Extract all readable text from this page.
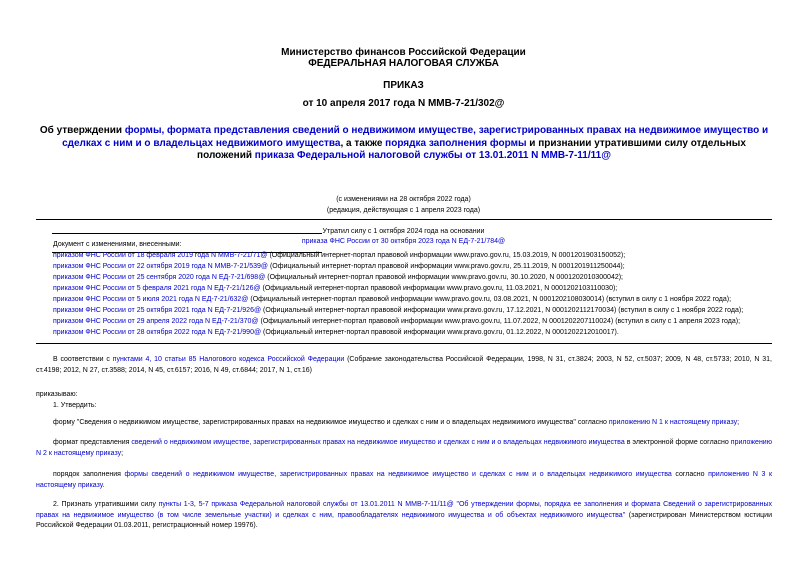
Министерство финансов Российской Федерации
ФЕДЕРАЛЬНАЯ НАЛОГОВАЯ СЛУЖБА
ПРИКАЗ
от 10 апреля 2017 года N ММВ-7-21/302@
Об утверждении формы, формата представления сведений о недвижимом имуществе, зарегистрированных правах на недвижимое имущество и сделках с ним и о владельцах недвижимого имущества, а также порядка заполнения формы и признании утратившими силу отдельных положений приказа Федеральной налоговой службы от 13.01.2011 N ММВ-7-11/11@
(с изменениями на 28 октября 2022 года)
(редакция, действующая с 1 апреля 2023 года)
Утратил силу с 1 октября 2024 года на основании
приказа ФНС России от 30 октября 2023 года N ЕД-7-21/784@
Документ с изменениями, внесенными:
приказом ФНС России от 18 февраля 2019 года N ММВ-7-21/71@ (Официальный интернет-портал правовой информации www.pravo.gov.ru, 15.03.2019, N 0001201903150052);
приказом ФНС России от 22 октября 2019 года N ММВ-7-21/539@ (Официальный интернет-портал правовой информации www.pravo.gov.ru, 25.11.2019, N 0001201911250044);
приказом ФНС России от 25 сентября 2020 года N ЕД-7-21/698@ (Официальный интернет-портал правовой информации www.pravo.gov.ru, 30.10.2020, N 0001202010300042);
приказом ФНС России от 5 февраля 2021 года N ЕД-7-21/126@ (Официальный интернет-портал правовой информации www.pravo.gov.ru, 11.03.2021, N 0001202103110030);
приказом ФНС России от 5 июля 2021 года N ЕД-7-21/632@ (Официальный интернет-портал правовой информации www.pravo.gov.ru, 03.08.2021, N 0001202108030014) (вступил в силу с 1 ноября 2022 года);
приказом ФНС России от 25 октября 2021 года N ЕД-7-21/926@ (Официальный интернет-портал правовой информации www.pravo.gov.ru, 17.12.2021, N 0001202112170034) (вступил в силу с 1 ноября 2022 года);
приказом ФНС России от 29 апреля 2022 года N ЕД-7-21/370@ (Официальный интернет-портал правовой информации www.pravo.gov.ru, 11.07.2022, N 0001202207110024) (вступил в силу с 1 апреля 2023 года);
приказом ФНС России от 28 октября 2022 года N ЕД-7-21/990@ (Официальный интернет-портал правовой информации www.pravo.gov.ru, 01.12.2022, N 0001202212010017).
В соответствии с пунктами 4, 10 статьи 85 Налогового кодекса Российской Федерации (Собрание законодательства Российской Федерации, 1998, N 31, ст.3824; 2003, N 52, ст.5037; 2009, N 48, ст.5733; 2010, N 31, ст.4198; 2012, N 27, ст.3588; 2014, N 45, ст.6157; 2016, N 49, ст.6844; 2017, N 1, ст.16)
приказываю:
1. Утвердить:
форму "Сведения о недвижимом имуществе, зарегистрированных правах на недвижимое имущество и сделках с ним и о владельцах недвижимого имущества" согласно приложению N 1 к настоящему приказу;
формат представления сведений о недвижимом имуществе, зарегистрированных правах на недвижимое имущество и сделках с ним и о владельцах недвижимого имущества в электронной форме согласно приложению N 2 к настоящему приказу;
порядок заполнения формы сведений о недвижимом имуществе, зарегистрированных правах на недвижимое имущество и сделках с ним и о владельцах недвижимого имущества согласно приложению N 3 к настоящему приказу.
2. Признать утратившими силу пункты 1-3, 5-7 приказа Федеральной налоговой службы от 13.01.2011 N ММВ-7-11/11@ "Об утверждении формы, порядка ее заполнения и формата Сведений о зарегистрированных правах на недвижимое имущество (в том числе земельные участки) и сделках с ним, правообладателях недвижимого имущества и об объектах недвижимого имущества" (зарегистрирован Министерством юстиции Российской Федерации 01.03.2011, регистрационный номер 19976).
